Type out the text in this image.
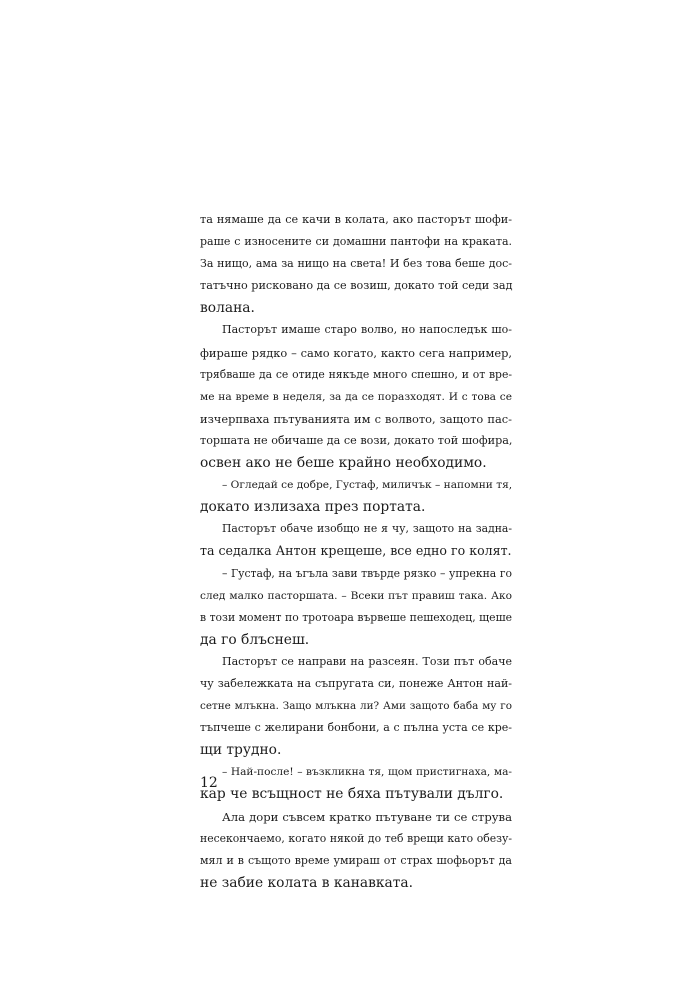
та нямаше да се качи в колата, ако пасторът шофи-
раше с износените си домашни пантофи на краката.
За нищо, ама за нищо на света! И без това беше дос-
татъчно рисковано да се возиш, докато той седи зад
волана.
Пасторът имаше старо волво, но напоследък шо-
фираше рядко – само когато, както сега например,
трябваше да се отиде някъде много спешно, и от вре-
ме на време в неделя, за да се поразходят. И с това се
изчерпваха пътуванията им с волвото, защото пас-
торшата не обичаше да се вози, докато той шофира,
освен ако не беше крайно необходимо.
– Огледай се добре, Густаф, миличък – напомни тя,
докато излизаха през портата.
Пасторът обаче изобщо не я чу, защото на задна-
та седалка Антон крещеше, все едно го колят.
– Густаф, на ъгъла зави твърде рязко – упрекна го
след малко пасторшата. – Всеки път правиш така. Ако
в този момент по тротоара вървеше пешеходец, щеше
да го блъснеш.
Пасторът се направи на разсеян. Този път обаче
чу забележката на съпругата си, понеже Антон най-
сетне млъкна. Защо млъкна ли? Ами защото баба му го
тъпчеше с желирани бонбони, а с пълна уста се кре-
щи трудно.
– Най-после! – възкликна тя, щом пристигнаха, ма-
кар че всъщност не бяха пътували дълго.
Ала дори съвсем кратко пътуване ти се струва
несекончаемо, когато някой до теб врещи като обезу-
мял и в същото време умираш от страх шофьорът да
не забие колата в канавката.
12
